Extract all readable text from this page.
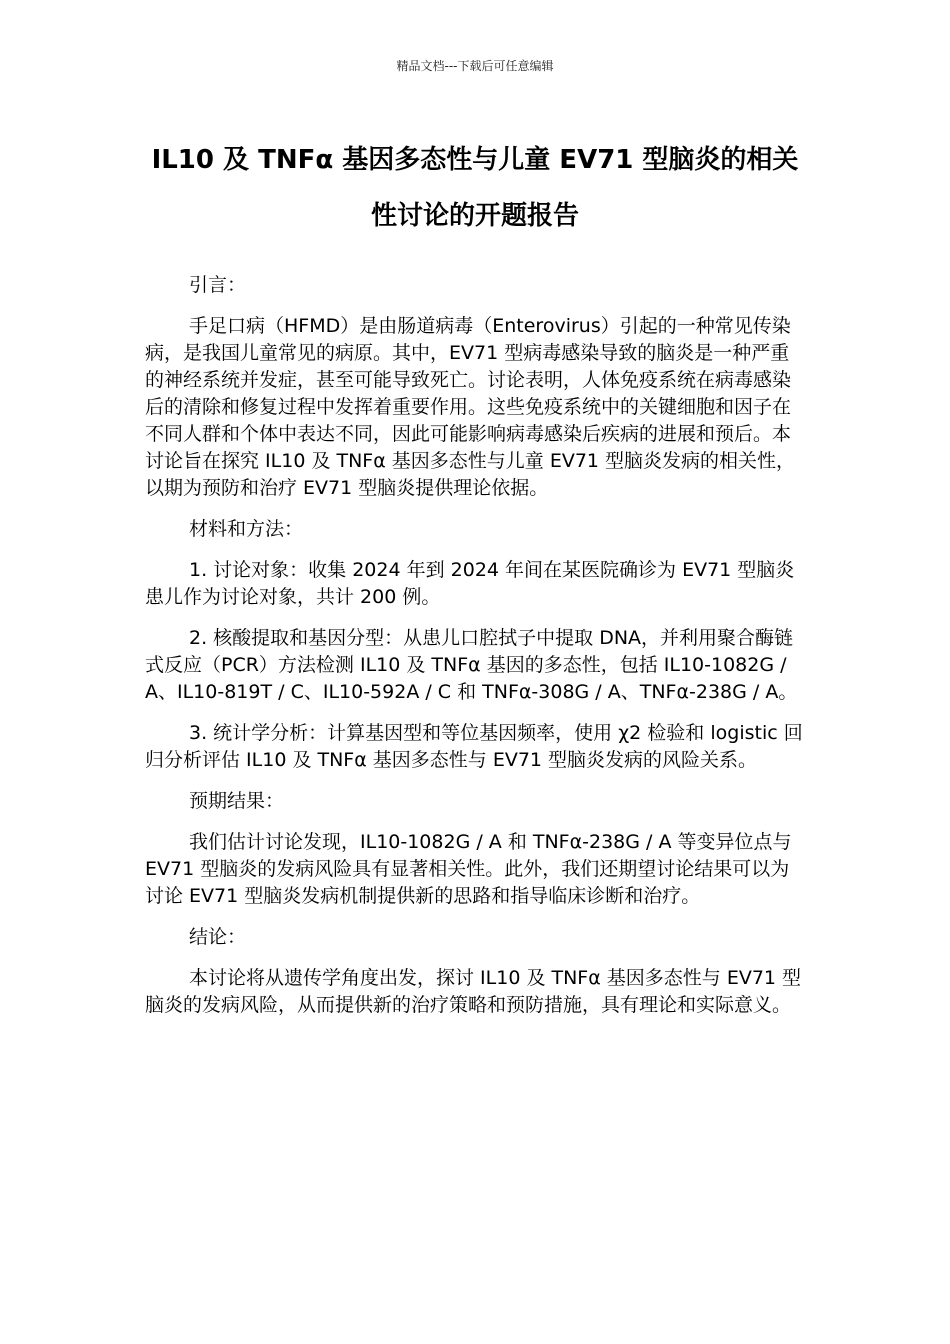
精品文档---下载后可任意编辑
IL10 及 TNFα 基因多态性与儿童 EV71 型脑炎的相关
性讨论的开题报告

引言：

手足口病（HFMD）是由肠道病毒（Enterovirus）引起的一种常见传染病，是我国儿童常见的病原。其中，EV71 型病毒感染导致的脑炎是一种严重的神经系统并发症，甚至可能导致死亡。讨论表明，人体免疫系统在病毒感染后的清除和修复过程中发挥着重要作用。这些免疫系统中的关键细胞和因子在不同人群和个体中表达不同，因此可能影响病毒感染后疾病的进展和预后。本讨论旨在探究 IL10 及 TNFα 基因多态性与儿童 EV71 型脑炎发病的相关性，以期为预防和治疗 EV71 型脑炎提供理论依据。

材料和方法：

1. 讨论对象：收集 2024 年到 2024 年间在某医院确诊为 EV71 型脑炎患儿作为讨论对象，共计 200 例。

2. 核酸提取和基因分型：从患儿口腔拭子中提取 DNA，并利用聚合酶链式反应（PCR）方法检测 IL10 及 TNFα 基因的多态性，包括 IL10-1082G / A、IL10-819T / C、IL10-592A / C 和 TNFα-308G / A、TNFα-238G / A。

3. 统计学分析：计算基因型和等位基因频率，使用 χ2 检验和 logistic 回归分析评估 IL10 及 TNFα 基因多态性与 EV71 型脑炎发病的风险关系。

预期结果：

我们估计讨论发现，IL10-1082G / A 和 TNFα-238G / A 等变异位点与 EV71 型脑炎的发病风险具有显著相关性。此外，我们还期望讨论结果可以为讨论 EV71 型脑炎发病机制提供新的思路和指导临床诊断和治疗。

结论：

本讨论将从遗传学角度出发，探讨 IL10 及 TNFα 基因多态性与 EV71 型脑炎的发病风险，从而提供新的治疗策略和预防措施，具有理论和实际意义。
